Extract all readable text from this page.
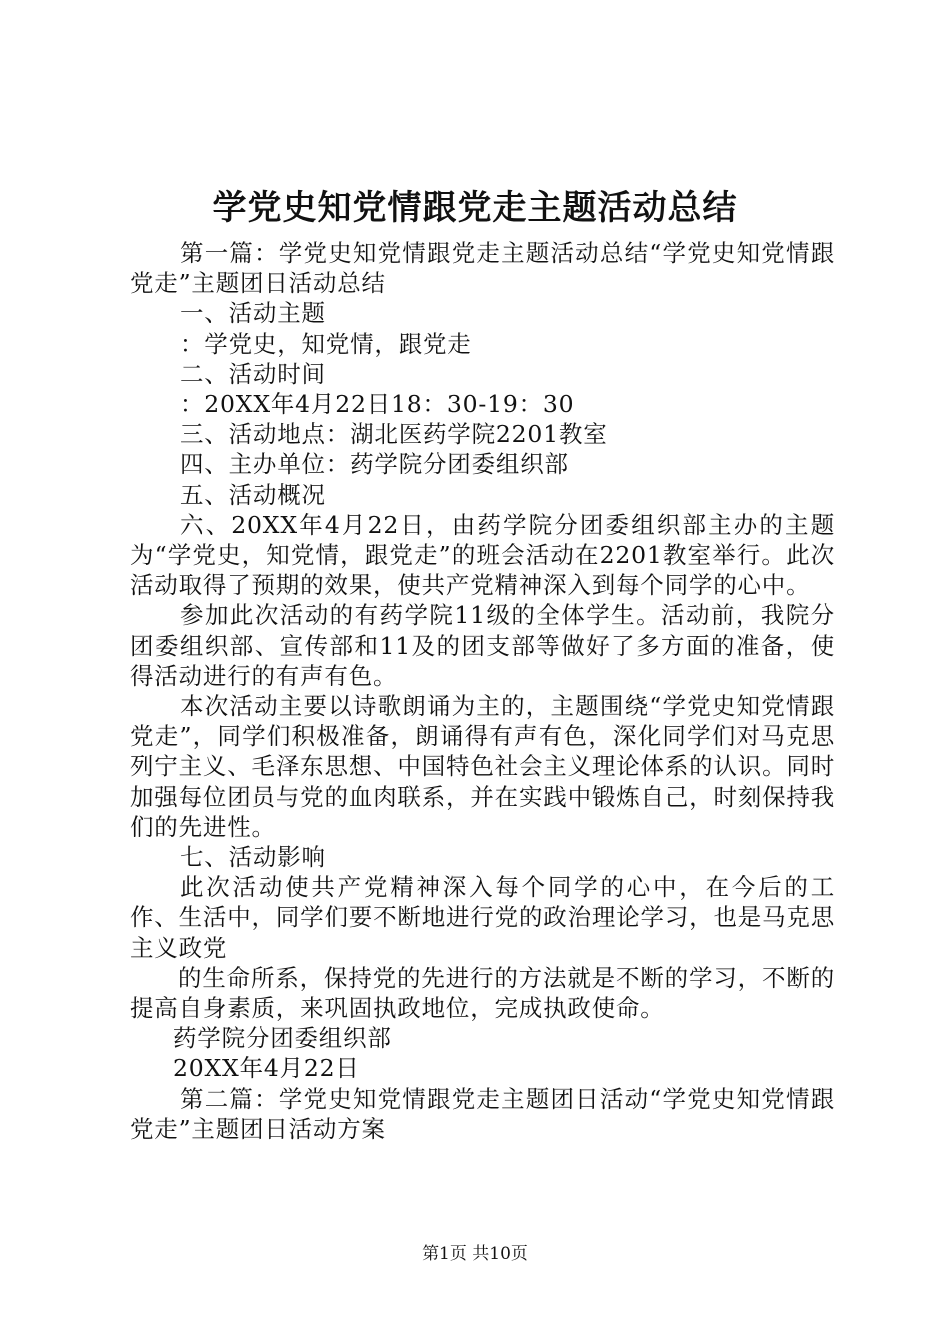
学党史知党情跟党走主题活动总结

第一篇：学党史知党情跟党走主题活动总结“学党史知党情跟党走”主题团日活动总结

一、活动主题

：学党史，知党情，跟党走

二、活动时间

：20XX年4月22日18：30-19：30

三、活动地点：湖北医药学院2201教室

四、主办单位：药学院分团委组织部

五、活动概况

六、20XX年4月22日，由药学院分团委组织部主办的主题为“学党史，知党情，跟党走”的班会活动在2201教室举行。此次活动取得了预期的效果，使共产党精神深入到每个同学的心中。

参加此次活动的有药学院11级的全体学生。活动前，我院分团委组织部、宣传部和11及的团支部等做好了多方面的准备，使得活动进行的有声有色。

本次活动主要以诗歌朗诵为主的，主题围绕“学党史知党情跟党走”，同学们积极准备，朗诵得有声有色，深化同学们对马克思列宁主义、毛泽东思想、中国特色社会主义理论体系的认识。同时加强每位团员与党的血肉联系，并在实践中锻炼自己，时刻保持我们的先进性。

七、活动影响

此次活动使共产党精神深入每个同学的心中，在今后的工作、生活中，同学们要不断地进行党的政治理论学习，也是马克思主义政党

的生命所系，保持党的先进行的方法就是不断的学习，不断的提高自身素质，来巩固执政地位，完成执政使命。

药学院分团委组织部

20XX年4月22日

第二篇：学党史知党情跟党走主题团日活动“学党史知党情跟党走”主题团日活动方案

第1页 共10页
